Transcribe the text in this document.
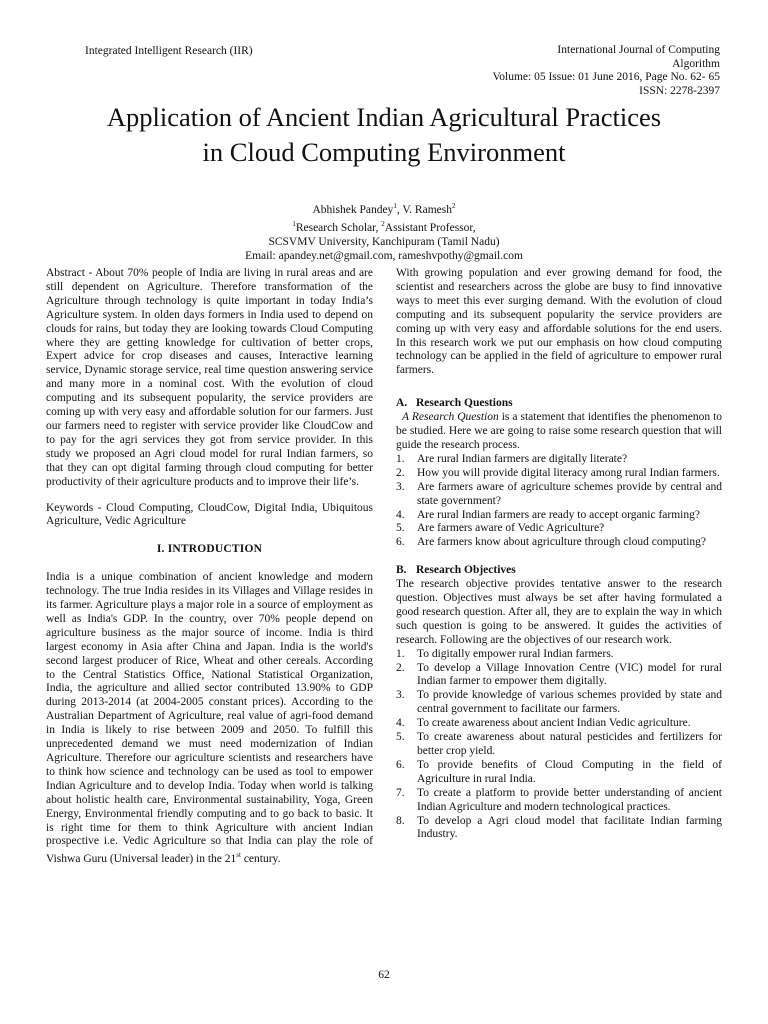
Integrated Intelligent Research (IIR)	International Journal of Computing
Algorithm
Volume: 05 Issue: 01 June 2016, Page No. 62- 65
ISSN: 2278-2397
Application of Ancient Indian Agricultural Practices
in Cloud Computing Environment
Abhishek Pandey$^1$, V. Ramesh$^2$
$^1$Research Scholar, $^2$Assistant Professor,
SCSVMV University, Kanchipuram (Tamil Nadu)
Email: apandey.net@gmail.com, rameshvpothy@gmail.com

Abstract - About 70% people of India are living in rural areas and are still dependent on Agriculture. Therefore transformation of the Agriculture through technology is quite important in today India’s Agriculture system. In olden days formers in India used to depend on clouds for rains, but today they are looking towards Cloud Computing where they are getting knowledge for cultivation of better crops, Expert advice for crop diseases and causes, Interactive learning service, Dynamic storage service, real time question answering service and many more in a nominal cost. With the evolution of cloud computing and its subsequent popularity, the service providers are coming up with very easy and affordable solution for our farmers. Just our farmers need to register with service provider like CloudCow and to pay for the agri services they got from service provider. In this study we proposed an Agri cloud model for rural Indian farmers, so that they can opt digital farming through cloud computing for better productivity of their agriculture products and to improve their life’s.

Keywords - Cloud Computing, CloudCow, Digital India, Ubiquitous Agriculture, Vedic Agriculture

I. INTRODUCTION

India is a unique combination of ancient knowledge and modern technology. The true India resides in its Villages and Village resides in its farmer. Agriculture plays a major role in a source of employment as well as India's GDP. In the country, over 70% people depend on agriculture business as the major source of income. India is third largest economy in Asia after China and Japan. India is the world's second largest producer of Rice, Wheat and other cereals. According to the Central Statistics Office, National Statistical Organization, India, the agriculture and allied sector contributed 13.90% to GDP during 2013-2014 (at 2004-2005 constant prices). According to the Australian Department of Agriculture, real value of agri-food demand in India is likely to rise between 2009 and 2050. To fulfill this unprecedented demand we must need modernization of Indian Agriculture. Therefore our agriculture scientists and researchers have to think how science and technology can be used as tool to empower Indian Agriculture and to develop India. Today when world is talking about holistic health care, Environmental sustainability, Yoga, Green Energy, Environmental friendly computing and to go back to basic. It is right time for them to think Agriculture with ancient Indian prospective i.e. Vedic Agriculture so that India can play the role of Vishwa Guru (Universal leader) in the 21st century.

With growing population and ever growing demand for food, the scientist and researchers across the globe are busy to find innovative ways to meet this ever surging demand. With the evolution of cloud computing and its subsequent popularity the service providers are coming up with very easy and affordable solutions for the end users. In this research work we put our emphasis on how cloud computing technology can be applied in the field of agriculture to empower rural farmers.

A. Research Questions

A Research Question is a statement that identifies the phenomenon to be studied. Here we are going to raise some research question that will guide the research process.

1. Are rural Indian farmers are digitally literate?
2. How you will provide digital literacy among rural Indian farmers.
3. Are farmers aware of agriculture schemes provide by central and state government?
4. Are rural Indian farmers are ready to accept organic farming?
5. Are farmers aware of Vedic Agriculture?
6. Are farmers know about agriculture through cloud computing?
B. Research Objectives

The research objective provides tentative answer to the research question. Objectives must always be set after having formulated a good research question. After all, they are to explain the way in which such question is going to be answered. It guides the activities of research. Following are the objectives of our research work.

1. To digitally empower rural Indian farmers.
2. To develop a Village Innovation Centre (VIC) model for rural Indian farmer to empower them digitally.
3. To provide knowledge of various schemes provided by state and central government to facilitate our farmers.
4. To create awareness about ancient Indian Vedic agriculture.
5. To create awareness about natural pesticides and fertilizers for better crop yield.
6. To provide benefits of Cloud Computing in the field of Agriculture in rural India.
7. To create a platform to provide better understanding of ancient Indian Agriculture and modern technological practices.
8. To develop a Agri cloud model that facilitate Indian farming Industry.
62
